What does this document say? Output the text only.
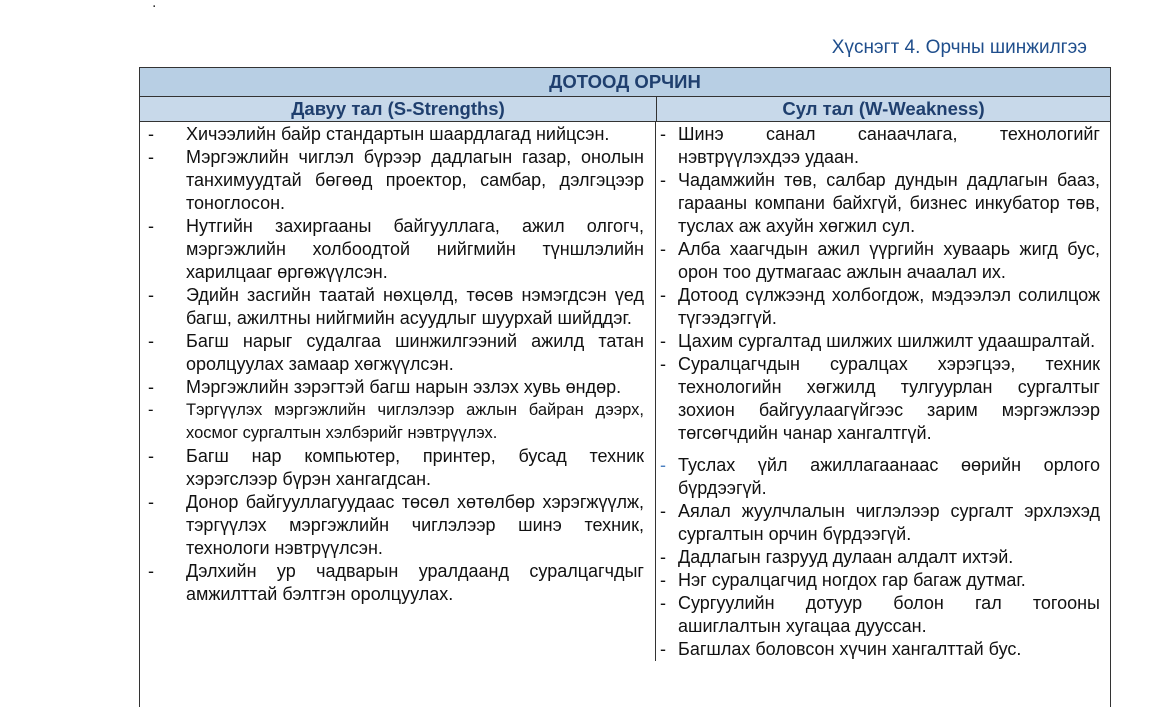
.
Хүснэгт 4. Орчны шинжилгээ
ДОТООД ОРЧИН
Давуу тал (S-Strengths)	Сул тал (W-Weakness)
-	Хичээлийн байр стандартын шаардлагад нийцсэн.
-	Мэргэжлийн чиглэл бүрээр дадлагын газар, онолын танхимуудтай бөгөөд проектор, самбар, дэлгэцээр тоноглосон.
-	Нутгийн захиргааны байгууллага, ажил олгогч, мэргэжлийн холбоодтой нийгмийн түншлэлийн харилцааг өргөжүүлсэн.
-	Эдийн засгийн таатай нөхцөлд, төсөв нэмэгдсэн үед багш, ажилтны нийгмийн асуудлыг шуурхай шийддэг.
-	Багш нарыг судалгаа шинжилгээний ажилд татан оролцуулах замаар хөгжүүлсэн.
-	Мэргэжлийн зэрэгтэй багш нарын эзлэх хувь өндөр.
-	Тэргүүлэх мэргэжлийн чиглэлээр ажлын байран дээрх, хосмог сургалтын хэлбэрийг нэвтрүүлэх.
-	Багш нар компьютер, принтер, бусад техник хэрэгслээр бүрэн хангагдсан.
-	Донор байгууллагуудаас төсөл хөтөлбөр хэрэгжүүлж, тэргүүлэх мэргэжлийн чиглэлээр шинэ техник, технологи нэвтрүүлсэн.
-	Дэлхийн ур чадварын уралдаанд суралцагчдыг амжилттай бэлтгэн оролцуулах.
- Шинэ санал санаачлага, технологийг нэвтрүүлэхдээ удаан.
- Чадамжийн төв, салбар дундын дадлагын бааз, гарааны компани байхгүй, бизнес инкубатор төв, туслах аж ахуйн хөгжил сул.
- Алба хаагчдын ажил үүргийн хуваарь жигд бус, орон тоо дутмагаас ажлын ачаалал их.
- Дотоод сүлжээнд холбогдож, мэдээлэл солилцож түгээдэггүй.
- Цахим сургалтад шилжих шилжилт удаашралтай.
- Суралцагчдын суралцах хэрэгцээ, техник технологийн хөгжилд тулгуурлан сургалтыг зохион байгуулаагүйгээс зарим мэргэжлээр төгсөгчдийн чанар хангалтгүй.
- Туслах үйл ажиллагаанаас өөрийн орлого бүрдээгүй.
- Аялал жуулчлалын чиглэлээр сургалт эрхлэхэд сургалтын орчин бүрдээгүй.
- Дадлагын газрууд дулаан алдалт ихтэй.
- Нэг суралцагчид ногдох гар багаж дутмаг.
- Сургуулийн дотуур болон гал тогооны ашиглалтын хугацаа дууссан.
- Багшлах боловсон хүчин хангалттай бус.
